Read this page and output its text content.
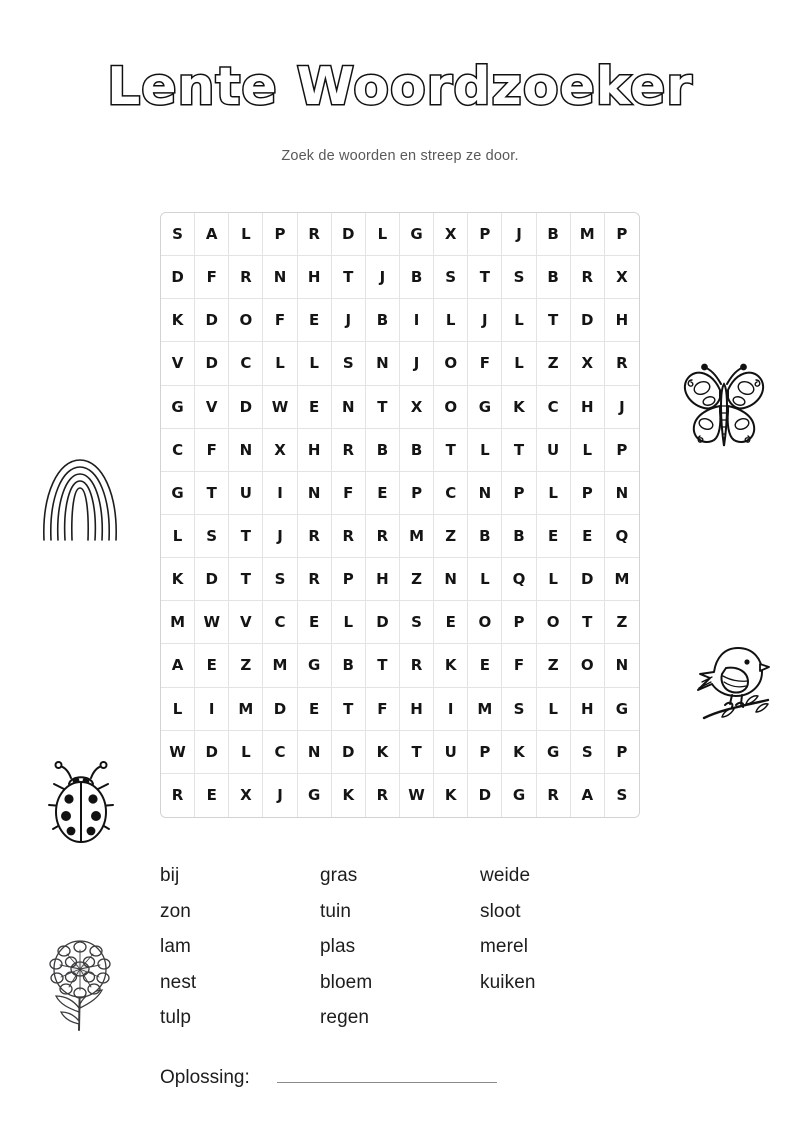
Lente Woordzoeker
Zoek de woorden en streep ze door.
S	A	L	P	R	D	L	G	X	P	J	B	M	P
D	F	R	N	H	T	J	B	S	T	S	B	R	X
K	D	O	F	E	J	B	I	L	J	L	T	D	H
V	D	C	L	L	S	N	J	O	F	L	Z	X	R
G	V	D	W	E	N	T	X	O	G	K	C	H	J
C	F	N	X	H	R	B	B	T	L	T	U	L	P
G	T	U	I	N	F	E	P	C	N	P	L	P	N
L	S	T	J	R	R	R	M	Z	B	B	E	E	Q
K	D	T	S	R	P	H	Z	N	L	Q	L	D	M
M	W	V	C	E	L	D	S	E	O	P	O	T	Z
A	E	Z	M	G	B	T	R	K	E	F	Z	O	N
L	I	M	D	E	T	F	H	I	M	S	L	H	G
W	D	L	C	N	D	K	T	U	P	K	G	S	P
R	E	X	J	G	K	R	W	K	D	G	R	A	S
bij
zon
lam
nest
tulp
gras
tuin
plas
bloem
regen
weide
sloot
merel
kuiken
Oplossing:
